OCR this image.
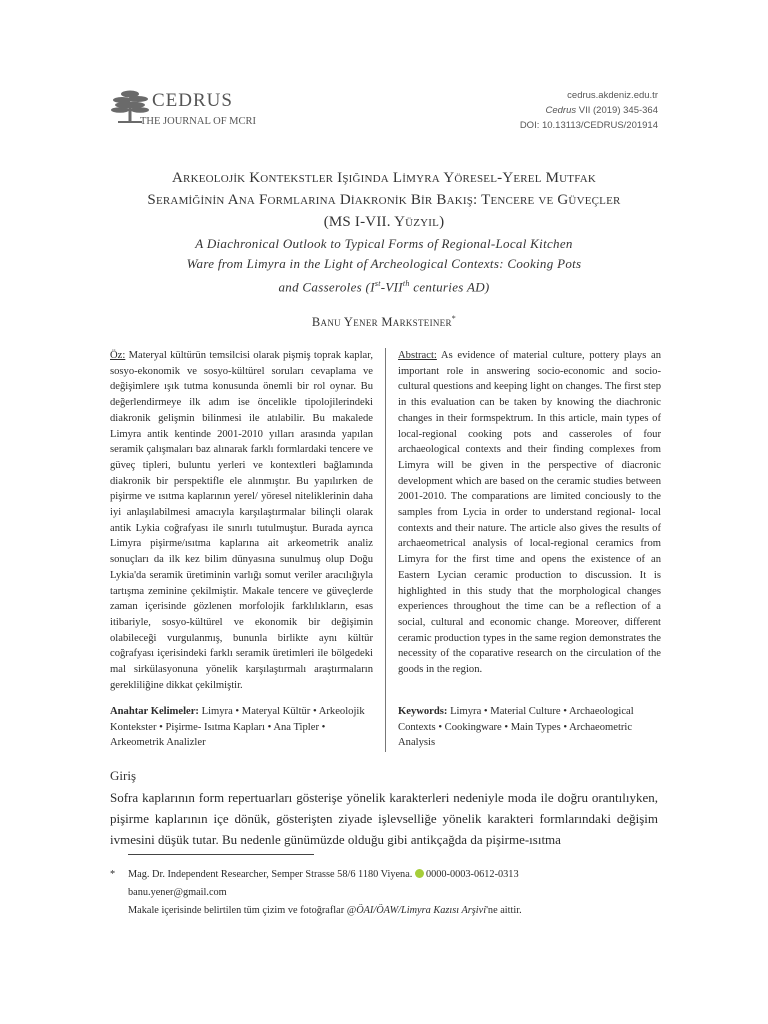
CEDRUS
THE JOURNAL OF MCRI
cedrus.akdeniz.edu.tr
Cedrus VII (2019) 345-364
DOI: 10.13113/CEDRUS/201914
Arkeoloji̇k Kontekstler Işiğinda Li̇myra Yöresel-Yerel Mutfak
Serami̇ği̇ni̇n Ana Formlarina Di̇akroni̇k Bi̇r Bakiş: Tencere ve Güveçler
(MS I-VII. Yüzyil)
A Diachronical Outlook to Typical Forms of Regional-Local Kitchen
Ware from Limyra in the Light of Archeological Contexts: Cooking Pots
and Casseroles (Ist-VIIth centuries AD)
Banu Yener Marksteiner*
Öz: Materyal kültürün temsilcisi olarak pişmiş toprak kaplar, sosyo-ekonomik ve sosyo-kültürel soruları cevaplama ve değişimlere ışık tutma konusunda önemli bir rol oynar. Bu değerlendirmeye ilk adım ise öncelikle tipolojilerindeki diakronik gelişmin bilinmesi ile atılabilir. Bu makalede Limyra antik kentinde 2001-2010 yılları arasında yapılan seramik çalışmaları baz alınarak farklı formlardaki tencere ve güveç tipleri, buluntu yerleri ve kontextleri bağlamında diakronik bir perspektifle ele alınmıştır. Bu yapılırken de pişirme ve ısıtma kaplarının yerel/ yöresel niteliklerinin daha iyi anlaşılabilmesi amacıyla karşılaştırmalar bilinçli olarak antik Lykia coğrafyası ile sınırlı tutulmuştur. Burada ayrıca Limyra pişirme/ısıtma kaplarına ait arkeometrik analiz sonuçları da ilk kez bilim dünyasına sunulmuş olup Doğu Lykia'da seramik üretiminin varlığı somut veriler aracılığıyla tartışma zeminine çekilmiştir. Makale tencere ve güveçlerde zaman içerisinde gözlenen morfolojik farklılıkların, esas itibariyle, sosyo-kültürel ve ekonomik bir değişimin olabileceği vurgulanmış, bununla birlikte aynı kültür coğrafyası içerisindeki farklı seramik üretimleri ile bölgedeki mal sirkülasyonuna yönelik karşılaştırmalı araştırmaların gerekliliğine dikkat çekilmiştir.
Abstract: As evidence of material culture, pottery plays an important role in answering socio-economic and socio-cultural questions and keeping light on changes. The first step in this evaluation can be taken by knowing the diachronic changes in their formspektrum. In this article, main types of local-regional cooking pots and casseroles of four archaeological contexts and their finding complexes from Limyra will be given in the perspective of diacronic development which are based on the ceramic studies between 2001-2010. The comparations are limited conciously to the samples from Lycia in order to understand regional- local contexts and their nature. The article also gives the results of archaeometrical analysis of local-regional ceramics from Limyra for the first time and opens the existence of an Eastern Lycian ceramic production to discussion. It is highlighted in this study that the morphological changes experiences throughout the time can be a reflection of a social, cultural and economic change. Moreover, different ceramic production types in the same region demonstrates the necessity of the coparative research on the circulation of the goods in the region.
Anahtar Kelimeler: Limyra • Materyal Kültür • Arkeolojik Kontekster • Pişirme- Isıtma Kapları • Ana Tipler • Arkeometrik Analizler
Keywords: Limyra • Material Culture • Archaeological Contexts • Cookingware • Main Types • Archaeometric Analysis
Giriş
Sofra kaplarının form repertuarları gösterişe yönelik karakterleri nedeniyle moda ile doğru orantılıyken, pişirme kaplarının içe dönük, gösterişten ziyade işlevselliğe yönelik karakteri formlarındaki değişim ivmesini düşük tutar. Bu nedenle günümüzde olduğu gibi antikçağda da pişirme-ısıtma
* Mag. Dr. Independent Researcher, Semper Strasse 58/6 1180 Viyena. 0000-0003-0612-0313
banu.yener@gmail.com
Makale içerisinde belirtilen tüm çizim ve fotoğraflar @ÖAI/ÖAW/Limyra Kazısı Arşivi'ne aittir.
